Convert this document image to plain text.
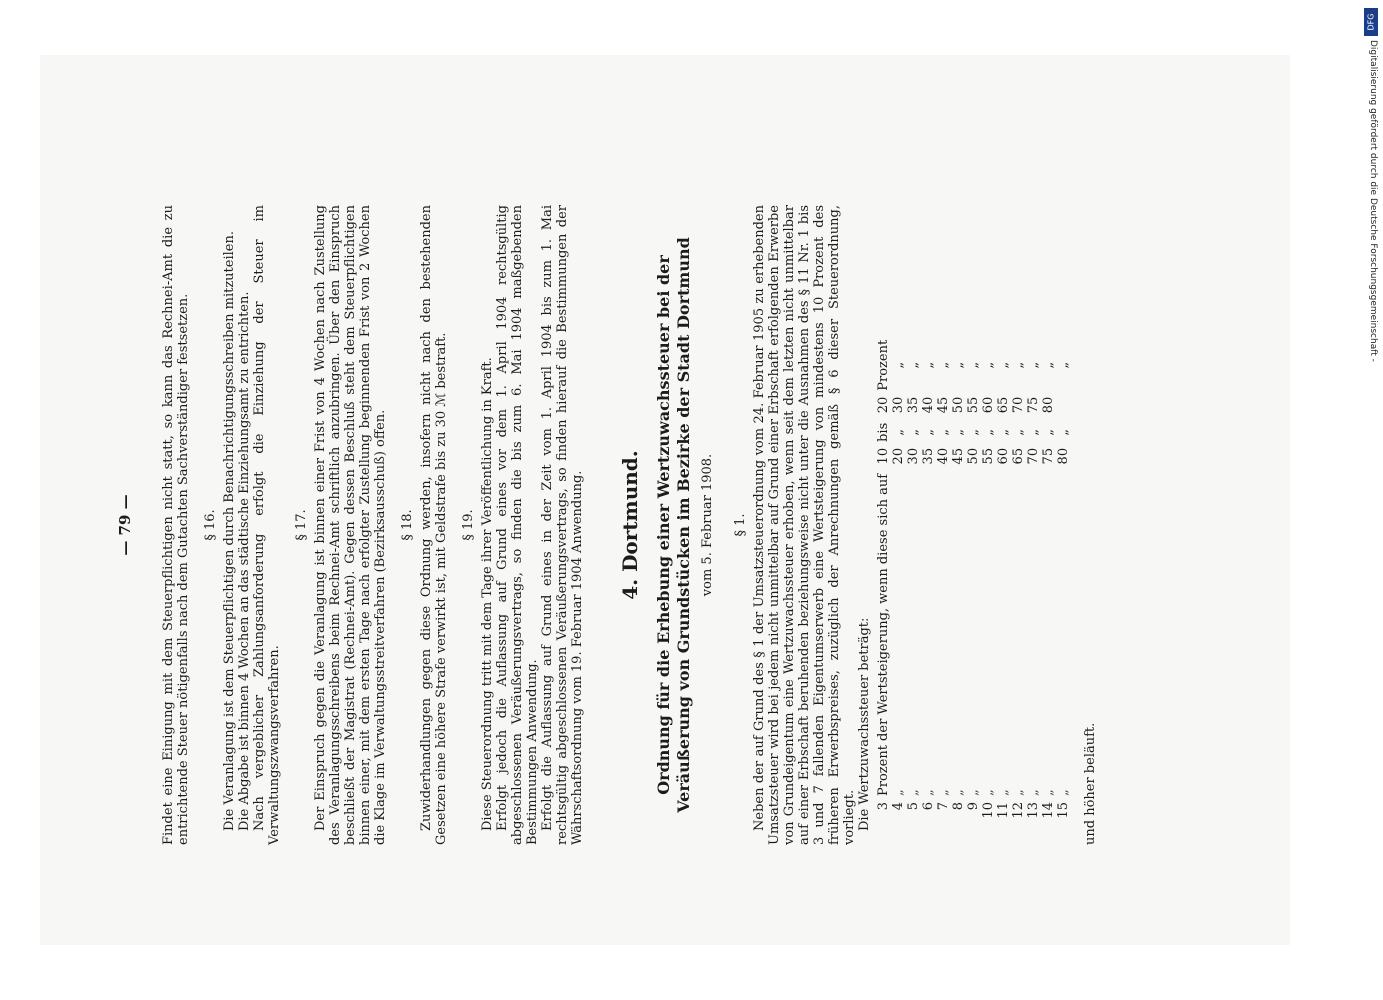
— 79 — Findet eine Einigung mit dem Steuerpflichtigen nicht statt, so kann das Rechnei-Amt die zu entrichtende Steuer nötigenfalls nach dem Gutachten Sachverständiger festsetzen. § 16. Die Veranlagung ist dem Steuerpflichtigen durch Benachrichtigungsschreiben mitzuteilen. Die Abgabe ist binnen 4 Wochen an das städtische Einziehungsamt zu entrichten. Nach vergeblicher Zahlungsanforderung erfolgt die Einziehung der Steuer im Verwaltungszwangsverfahren.

§ 17. Der Einspruch gegen die Veranlagung ist binnen einer Frist von 4 Wochen nach Zustellung des Veranlagungsschreibens beim Rechnei-Amt schriftlich anzubringen. Über den Einspruch beschließt der Magistrat (Rechnei-Amt). Gegen dessen Beschluß steht dem Steuerpflichtigen binnen einer, mit dem ersten Tage nach erfolgter Zustellung beginnenden Frist von 2 Wochen die Klage im Verwaltungsstreitverfahren (Bezirksausschuß) offen. § 18. Zuwiderhandlungen gegen diese Ordnung werden, insofern nicht nach den bestehenden Gesetzen eine höhere Strafe verwirkt ist, mit Geldstrafe bis zu 30 ℳ bestraft. § 19. Diese Steuerordnung tritt mit dem Tage ihrer Veröffentlichung in Kraft. Erfolgt jedoch die Auflassung auf Grund eines vor dem 1. April 1904 rechtsgültig abgeschlossenen Veräußerungsvertrags, so finden die bis zum 6. Mai 1904 maßgebenden Bestimmungen Anwendung. Erfolgt die Auflassung auf Grund eines in der Zeit vom 1. April 1904 bis zum 1. Mai rechtsgültig abgeschlossenen Veräußerungsvertrags, so finden hierauf die Bestimmungen der Währschaftsordnung vom 19. Februar 1904 Anwendung. 4. Dortmund. Ordnung für die Erhebung einer Wertzuwachssteuer bei der Veräußerung von Grundstücken im Bezirke der Stadt Dortmund vom 5. Februar 1908. § 1. Neben der auf Grund des § 1 der Umsatzsteuerordnung vom 24. Februar 1905 zu erhebenden Umsatzsteuer wird bei jedem nicht unmittelbar auf Grund einer Erbschaft erfolgenden Erwerbe von Grundeigentum eine Wertzuwachssteuer erhoben, wenn seit dem letzten nicht unmittelbar auf einer Erbschaft beruhenden beziehungsweise nicht unter die Ausnahmen des § 11 Nr. 1 bis 3 und 7 fallenden Eigentumserwerb eine Wertsteigerung von mindestens 10 Prozent des früheren Erwerbspreises, zuzüglich der Anrechnungen gemäß § 6 dieser Steuerordnung, vorliegt. Die Wertzuwachssteuer beträgt: 3	Prozent der Wertsteigerung, wenn diese sich auf	10	bis	20	Prozent
4	„	20	„	30	„
5	„	30	„	35	„
6	„	35	„	40	„
7	„	40	„	45	„
8	„	45	„	50	„
9	„	50	„	55	„
10	„	55	„	60	„
11	„	60	„	65	„
12	„	65	„	70	„
13	„	70	„	75	„
14	„	75	„	80	„
15	„	80	„		„

und höher beläuft.

DFG
Digitalisierung gefördert durch die Deutsche Forschungsgemeinschaft -
